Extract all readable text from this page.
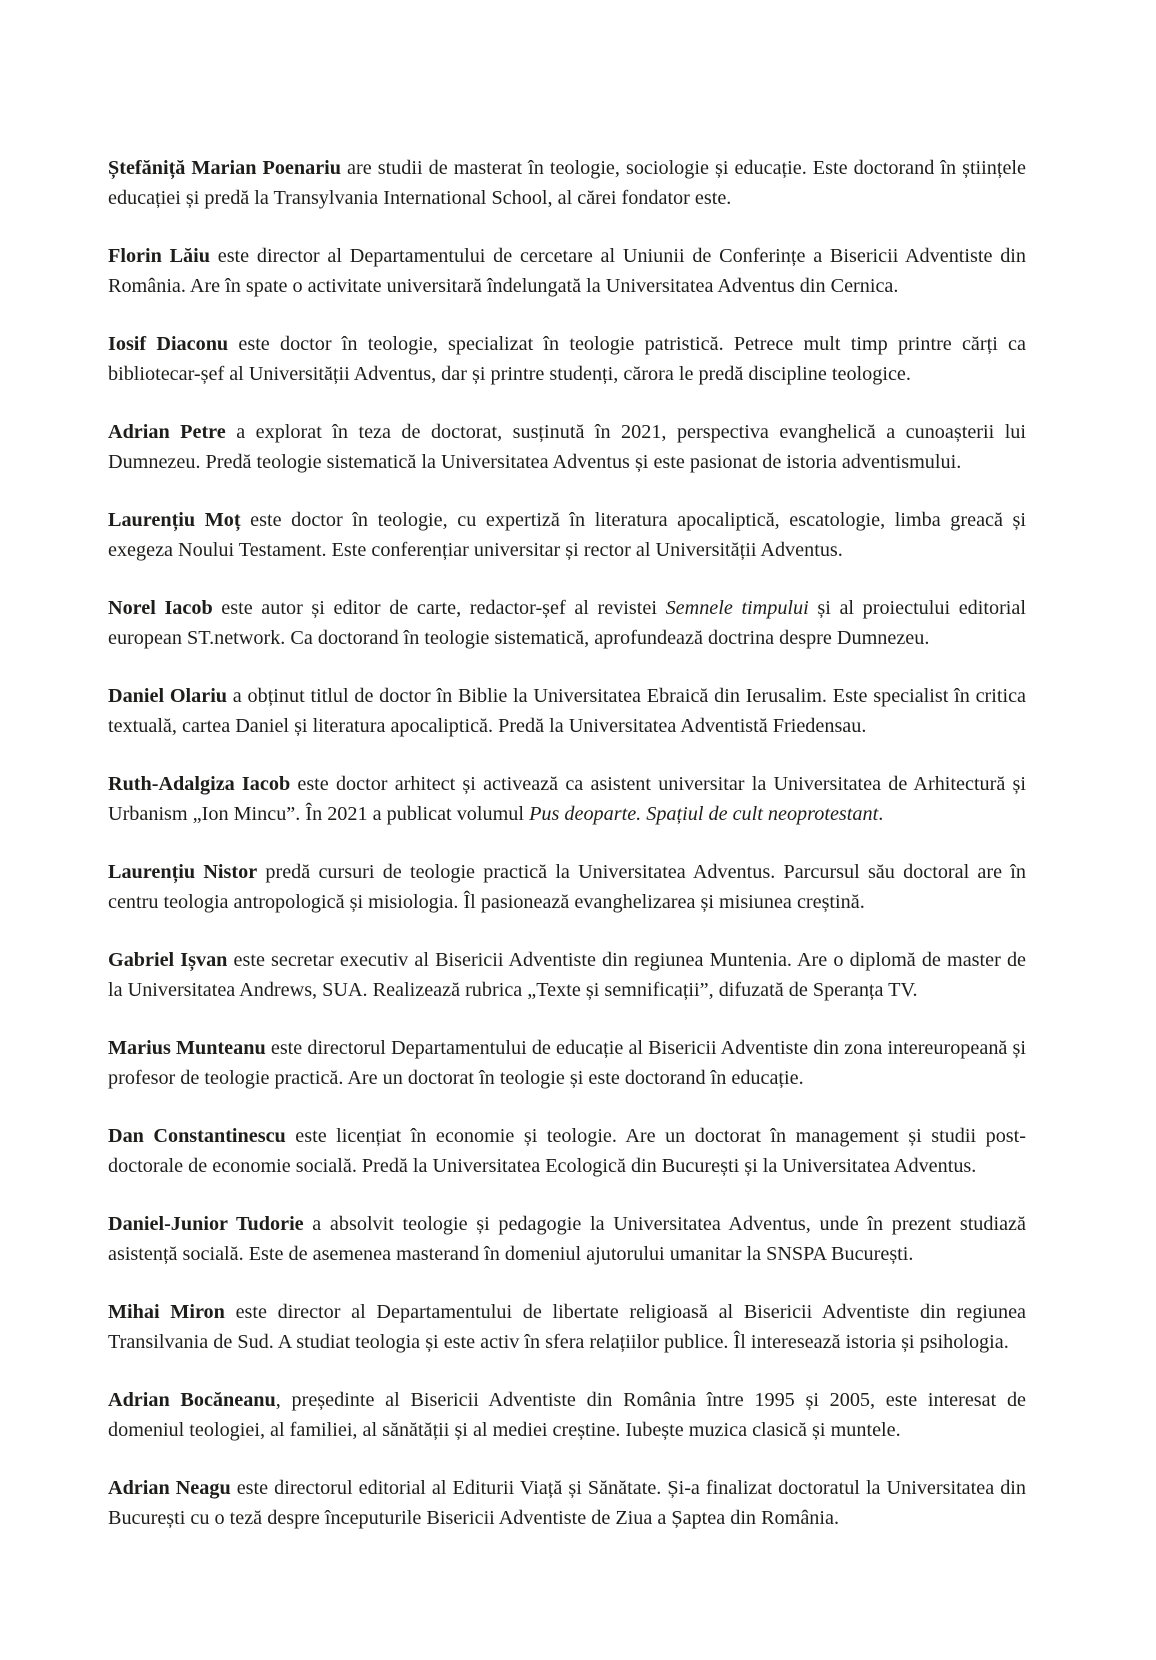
Ștefăniță Marian Poenariu are studii de masterat în teologie, sociologie și educație. Este doctorand în științele educației și predă la Transylvania International School, al cărei fondator este.

Florin Lăiu este director al Departamentului de cercetare al Uniunii de Conferințe a Bisericii Adventiste din România. Are în spate o activitate universitară îndelungată la Universitatea Adventus din Cernica.

Iosif Diaconu este doctor în teologie, specializat în teologie patristică. Petrece mult timp printre cărți ca bibliotecar-șef al Universității Adventus, dar și printre studenți, cărora le predă discipline teologice.

Adrian Petre a explorat în teza de doctorat, susținută în 2021, perspectiva evanghelică a cunoașterii lui Dumnezeu. Predă teologie sistematică la Universitatea Adventus și este pasionat de istoria adventismului.

Laurențiu Moț este doctor în teologie, cu expertiză în literatura apocaliptică, escatologie, limba greacă și exegeza Noului Testament. Este conferențiar universitar și rector al Universității Adventus.

Norel Iacob este autor și editor de carte, redactor-șef al revistei Semnele timpului și al proiectului editorial european ST.network. Ca doctorand în teologie sistematică, aprofundează doctrina despre Dumnezeu.

Daniel Olariu a obținut titlul de doctor în Biblie la Universitatea Ebraică din Ierusalim. Este specialist în critica textuală, cartea Daniel și literatura apocaliptică. Predă la Universitatea Adventistă Friedensau.

Ruth-Adalgiza Iacob este doctor arhitect și activează ca asistent universitar la Universitatea de Arhitectură și Urbanism „Ion Mincu”. În 2021 a publicat volumul Pus deoparte. Spațiul de cult neoprotestant.

Laurențiu Nistor predă cursuri de teologie practică la Universitatea Adventus. Parcursul său doctoral are în centru teologia antropologică și misiologia. Îl pasionează evanghelizarea și misiunea creștină.

Gabriel Ișvan este secretar executiv al Bisericii Adventiste din regiunea Muntenia. Are o diplomă de master de la Universitatea Andrews, SUA. Realizează rubrica „Texte și semnificații”, difuzată de Speranța TV.

Marius Munteanu este directorul Departamentului de educație al Bisericii Adventiste din zona intereuropeană și profesor de teologie practică. Are un doctorat în teologie și este doctorand în educație.

Dan Constantinescu este licențiat în economie și teologie. Are un doctorat în management și studii postdoctorale de economie socială. Predă la Universitatea Ecologică din București și la Universitatea Adventus.

Daniel-Junior Tudorie a absolvit teologie și pedagogie la Universitatea Adventus, unde în prezent studiază asistență socială. Este de asemenea masterand în domeniul ajutorului umanitar la SNSPA București.

Mihai Miron este director al Departamentului de libertate religioasă al Bisericii Adventiste din regiunea Transilvania de Sud. A studiat teologia și este activ în sfera relațiilor publice. Îl interesează istoria și psihologia.

Adrian Bocăneanu, președinte al Bisericii Adventiste din România între 1995 și 2005, este interesat de domeniul teologiei, al familiei, al sănătății și al mediei creștine. Iubește muzica clasică și muntele.

Adrian Neagu este directorul editorial al Editurii Viață și Sănătate. Și-a finalizat doctoratul la Universitatea din București cu o teză despre începuturile Bisericii Adventiste de Ziua a Șaptea din România.
